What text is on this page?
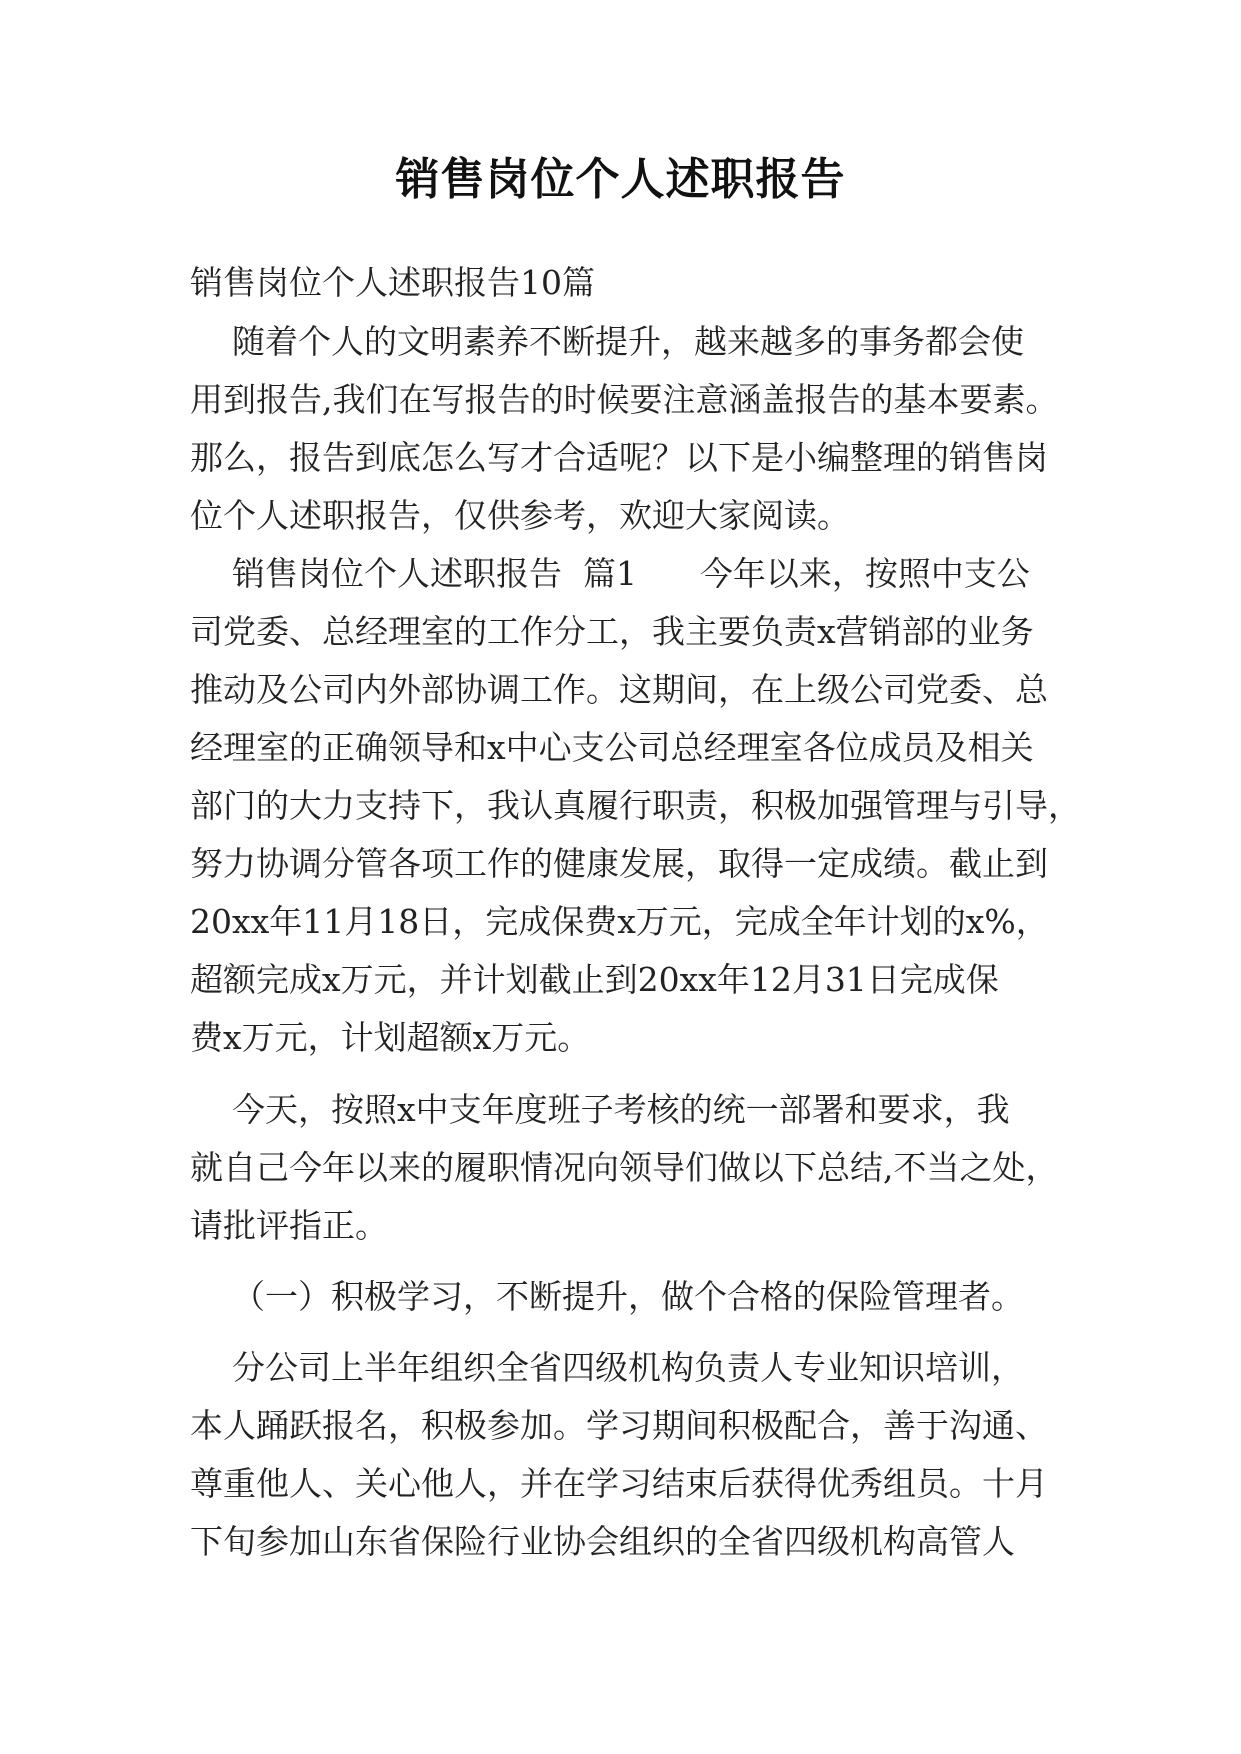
销售岗位个人述职报告
销售岗位个人述职报告10篇
随着个人的文明素养不断提升，越来越多的事务都会使
用到报告,我们在写报告的时候要注意涵盖报告的基本要素。
那么，报告到底怎么写才合适呢？以下是小编整理的销售岗
位个人述职报告，仅供参考，欢迎大家阅读。
销售岗位个人述职报告  篇1      今年以来，按照中支公
司党委、总经理室的工作分工，我主要负责x营销部的业务
推动及公司内外部协调工作。这期间，在上级公司党委、总
经理室的正确领导和x中心支公司总经理室各位成员及相关
部门的大力支持下，我认真履行职责，积极加强管理与引导，
努力协调分管各项工作的健康发展，取得一定成绩。截止到
20xx年11月18日，完成保费x万元，完成全年计划的x%，
超额完成x万元，并计划截止到20xx年12月31日完成保
费x万元，计划超额x万元。
今天，按照x中支年度班子考核的统一部署和要求，我
就自己今年以来的履职情况向领导们做以下总结,不当之处，
请批评指正。
（一）积极学习，不断提升，做个合格的保险管理者。
分公司上半年组织全省四级机构负责人专业知识培训，
本人踊跃报名，积极参加。学习期间积极配合，善于沟通、
尊重他人、关心他人，并在学习结束后获得优秀组员。十月
下旬参加山东省保险行业协会组织的全省四级机构高管人
